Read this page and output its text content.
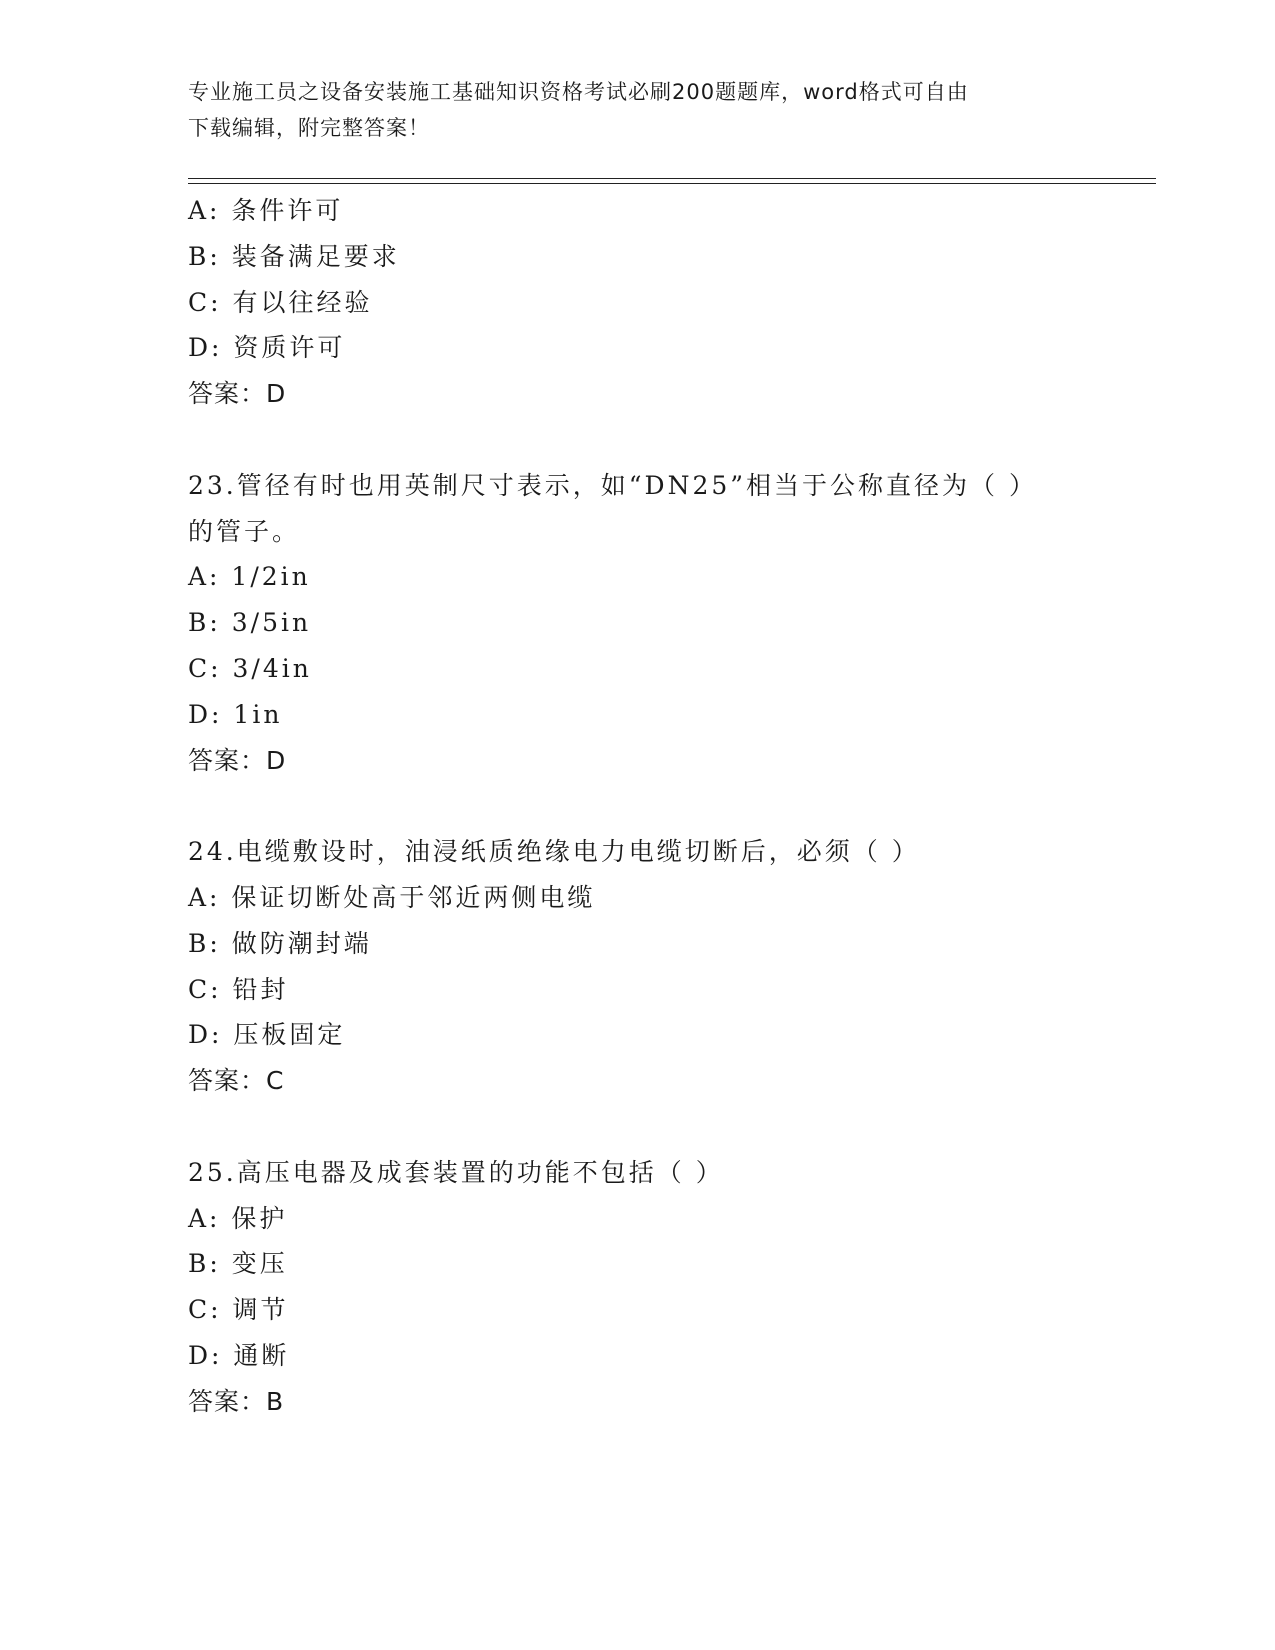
专业施工员之设备安装施工基础知识资格考试必刷200题题库，word格式可自由
下载编辑，附完整答案！
A: 条件许可
B: 装备满足要求
C: 有以往经验
D: 资质许可
答案：D
23.管径有时也用英制尺寸表示，如“DN25”相当于公称直径为（ ）
的管子。
A: 1/2in
B: 3/5in
C: 3/4in
D: 1in
答案：D
24.电缆敷设时，油浸纸质绝缘电力电缆切断后，必须（ ）
A: 保证切断处高于邻近两侧电缆
B: 做防潮封端
C: 铅封
D: 压板固定
答案：C
25.高压电器及成套装置的功能不包括（ ）
A: 保护
B: 变压
C: 调节
D: 通断
答案：B
